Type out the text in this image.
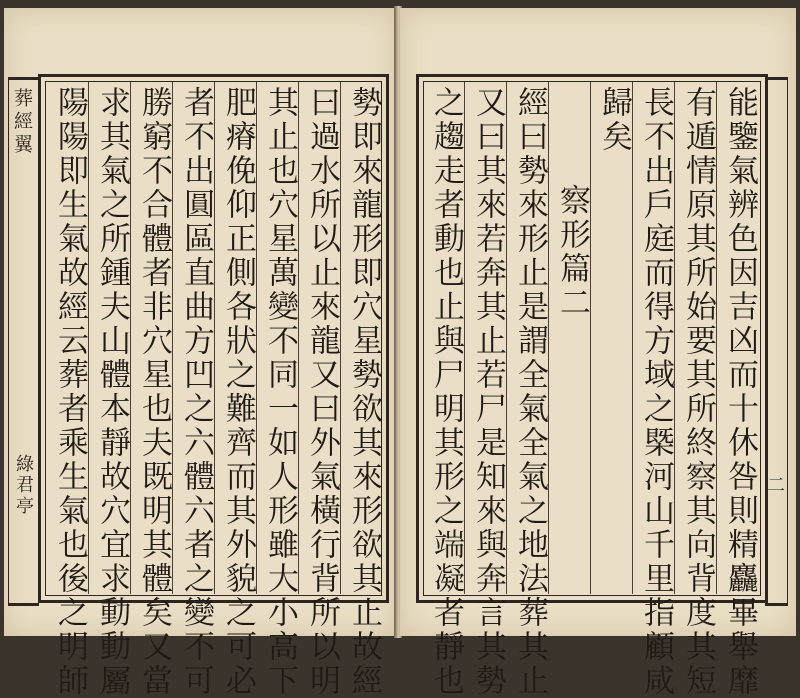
葬經翼
綠君亭	勢即來龍形即穴星勢欲其來形欲其止故經
曰過水所以止來龍又曰外氣橫行背所以明
其止也穴星萬變不同一如人形雖大小高下
肥瘠俛仰正側各狀之難齊而其外貌之可必
者不出圓區直曲方凹之六體六者之變不可
勝窮不合體者非穴星也夫既明其體矣又當
求其氣之所鍾夫山體本靜故穴宜求動動屬
陽陽即生氣故經云葬者乘生氣也後之明師	二
能鑒氣辨色因吉凶而十休咎則精麤畢舉靡
有遁情原其所始要其所終察其向背度其短
長不出戶庭而得方域之槩河山千里指顧咸
歸矣
察形篇二
經曰勢來形止是謂全氣全氣之地法葬其止
又曰其來若奔其止若尸是知來與奔言其勢
之趨走者動也止與尸明其形之端凝者靜也
